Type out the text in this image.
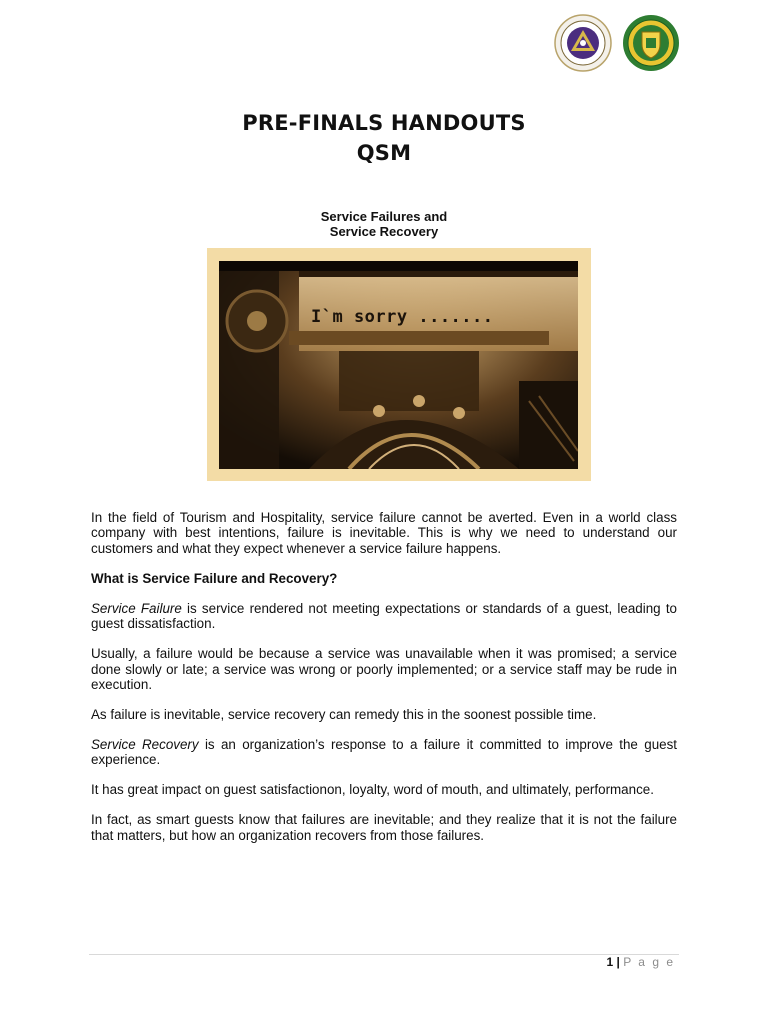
PRE-FINALS HANDOUTS
QSM
Service Failures and
Service Recovery
I`m sorry .......

In the field of Tourism and Hospitality, service failure cannot be averted. Even in a world class company with best intentions, failure is inevitable. This is why we need to understand our customers and what they expect whenever a service failure happens.

What is Service Failure and Recovery?

Service Failure is service rendered not meeting expectations or standards of a guest, leading to guest dissatisfaction.

Usually, a failure would be because a service was unavailable when it was promised; a service done slowly or late; a service was wrong or poorly implemented; or a service staff may be rude in execution.

As failure is inevitable, service recovery can remedy this in the soonest possible time.

Service Recovery is an organization’s response to a failure it committed to improve the guest experience.

It has great impact on guest satisfactionon, loyalty, word of mouth, and ultimately, performance.

In fact, as smart guests know that failures are inevitable; and they realize that it is not the failure that matters, but how an organization recovers from those failures.

1 | P a g e
